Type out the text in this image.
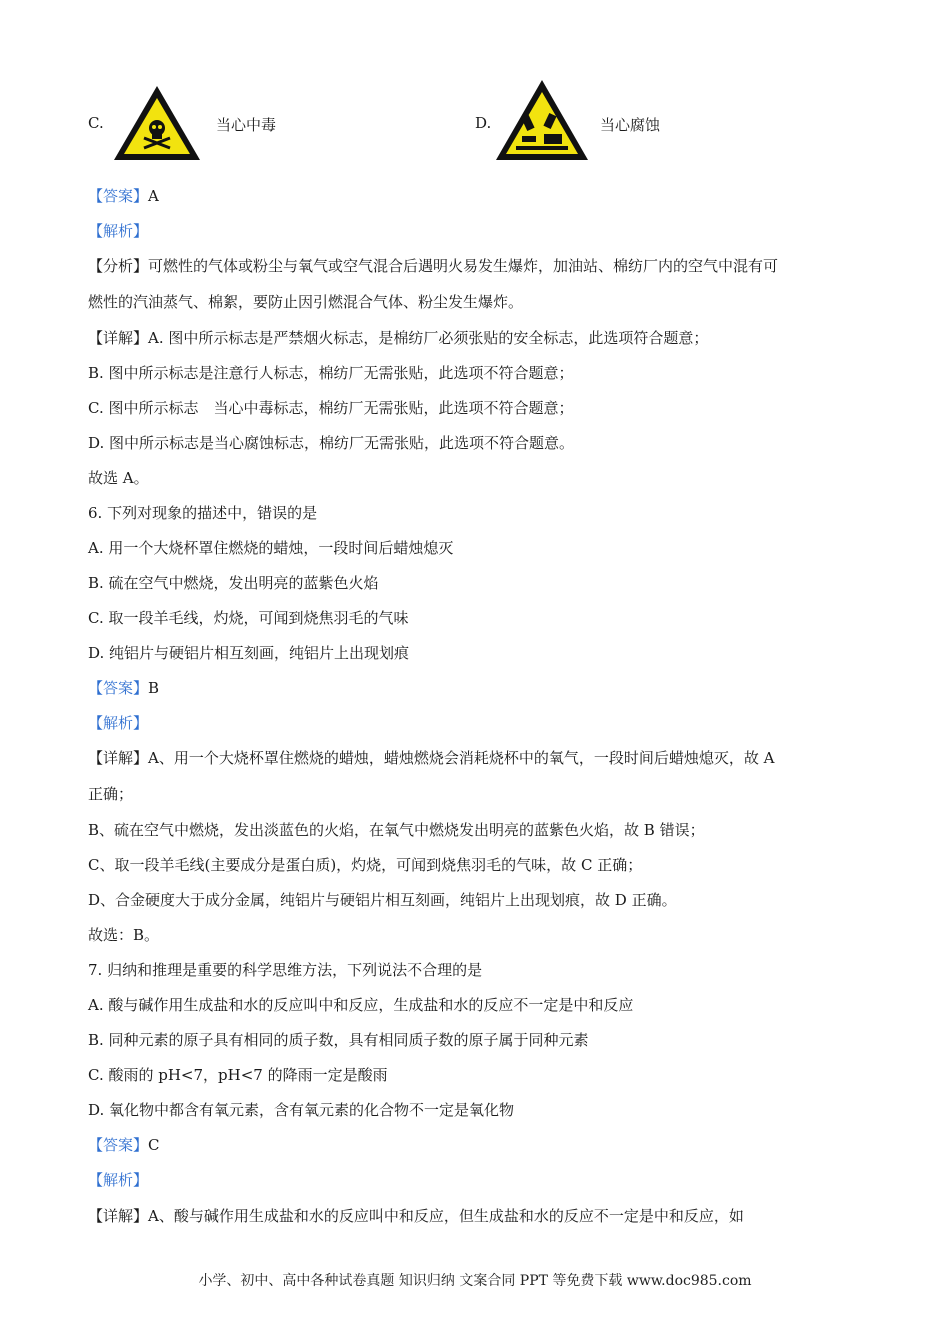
C.	当心中毒	D.	当心腐蚀
【答案】A
【解析】
【分析】可燃性的气体或粉尘与氧气或空气混合后遇明火易发生爆炸，加油站、棉纺厂内的空气中混有可
燃性的汽油蒸气、棉絮，要防止因引燃混合气体、粉尘发生爆炸。
【详解】A. 图中所示标志是严禁烟火标志，是棉纺厂必须张贴的安全标志，此选项符合题意；
B. 图中所示标志是注意行人标志，棉纺厂无需张贴，此选项不符合题意；
C. 图中所示标志　当心中毒标志，棉纺厂无需张贴，此选项不符合题意；
D. 图中所示标志是当心腐蚀标志，棉纺厂无需张贴，此选项不符合题意。
故选 A。
6. 下列对现象的描述中，错误的是
A. 用一个大烧杯罩住燃烧的蜡烛，一段时间后蜡烛熄灭
B. 硫在空气中燃烧，发出明亮的蓝紫色火焰
C. 取一段羊毛线，灼烧，可闻到烧焦羽毛的气味
D. 纯铝片与硬铝片相互刻画，纯铝片上出现划痕
【答案】B
【解析】
【详解】A、用一个大烧杯罩住燃烧的蜡烛，蜡烛燃烧会消耗烧杯中的氧气，一段时间后蜡烛熄灭，故 A
正确；
B、硫在空气中燃烧，发出淡蓝色的火焰，在氧气中燃烧发出明亮的蓝紫色火焰，故 B 错误；
C、取一段羊毛线(主要成分是蛋白质)，灼烧，可闻到烧焦羽毛的气味，故 C 正确；
D、合金硬度大于成分金属，纯铝片与硬铝片相互刻画，纯铝片上出现划痕，故 D 正确。
故选：B。
7. 归纳和推理是重要的科学思维方法，下列说法不合理的是
A. 酸与碱作用生成盐和水的反应叫中和反应，生成盐和水的反应不一定是中和反应
B. 同种元素的原子具有相同的质子数，具有相同质子数的原子属于同种元素
C. 酸雨的 pH<7，pH<7 的降雨一定是酸雨
D. 氧化物中都含有氧元素，含有氧元素的化合物不一定是氧化物
【答案】C
【解析】
【详解】A、酸与碱作用生成盐和水的反应叫中和反应，但生成盐和水的反应不一定是中和反应，如
小学、初中、高中各种试卷真题 知识归纳 文案合同 PPT 等免费下载 www.doc985.com
